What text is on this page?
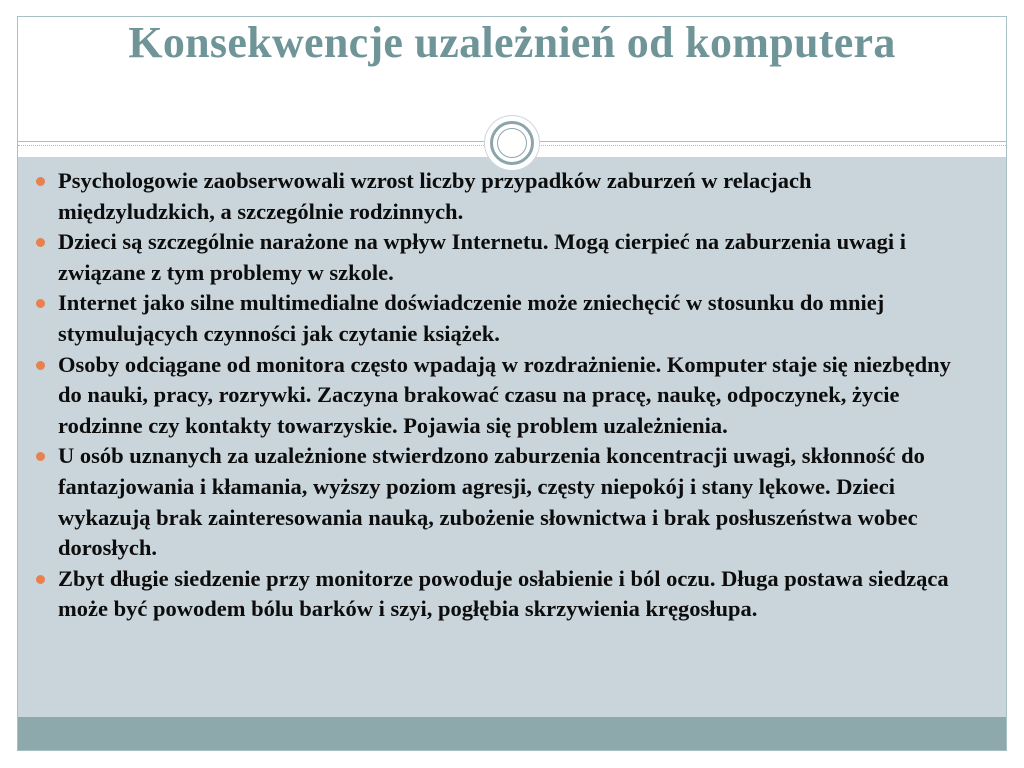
Konsekwencje uzależnień od komputera
Psychologowie zaobserwowali wzrost liczby przypadków zaburzeń w relacjach międzyludzkich, a szczególnie rodzinnych.
Dzieci są szczególnie narażone na wpływ Internetu. Mogą cierpieć na zaburzenia uwagi i związane z tym problemy w szkole.
Internet jako silne multimedialne doświadczenie może zniechęcić w stosunku do mniej stymulujących czynności jak czytanie książek.
Osoby odciągane od monitora często wpadają w rozdrażnienie. Komputer staje się niezbędny do nauki, pracy, rozrywki. Zaczyna brakować czasu na pracę, naukę, odpoczynek, życie rodzinne czy kontakty towarzyskie. Pojawia się problem uzależnienia.
U osób uznanych za uzależnione stwierdzono zaburzenia koncentracji uwagi, skłonność do fantazjowania i kłamania, wyższy poziom agresji, częsty niepokój i stany lękowe. Dzieci wykazują brak zainteresowania nauką, zubożenie słownictwa i brak posłuszeństwa wobec dorosłych.
Zbyt długie siedzenie przy monitorze powoduje osłabienie i ból oczu. Długa postawa siedząca może być powodem bólu barków i szyi, pogłębia skrzywienia kręgosłupa.
